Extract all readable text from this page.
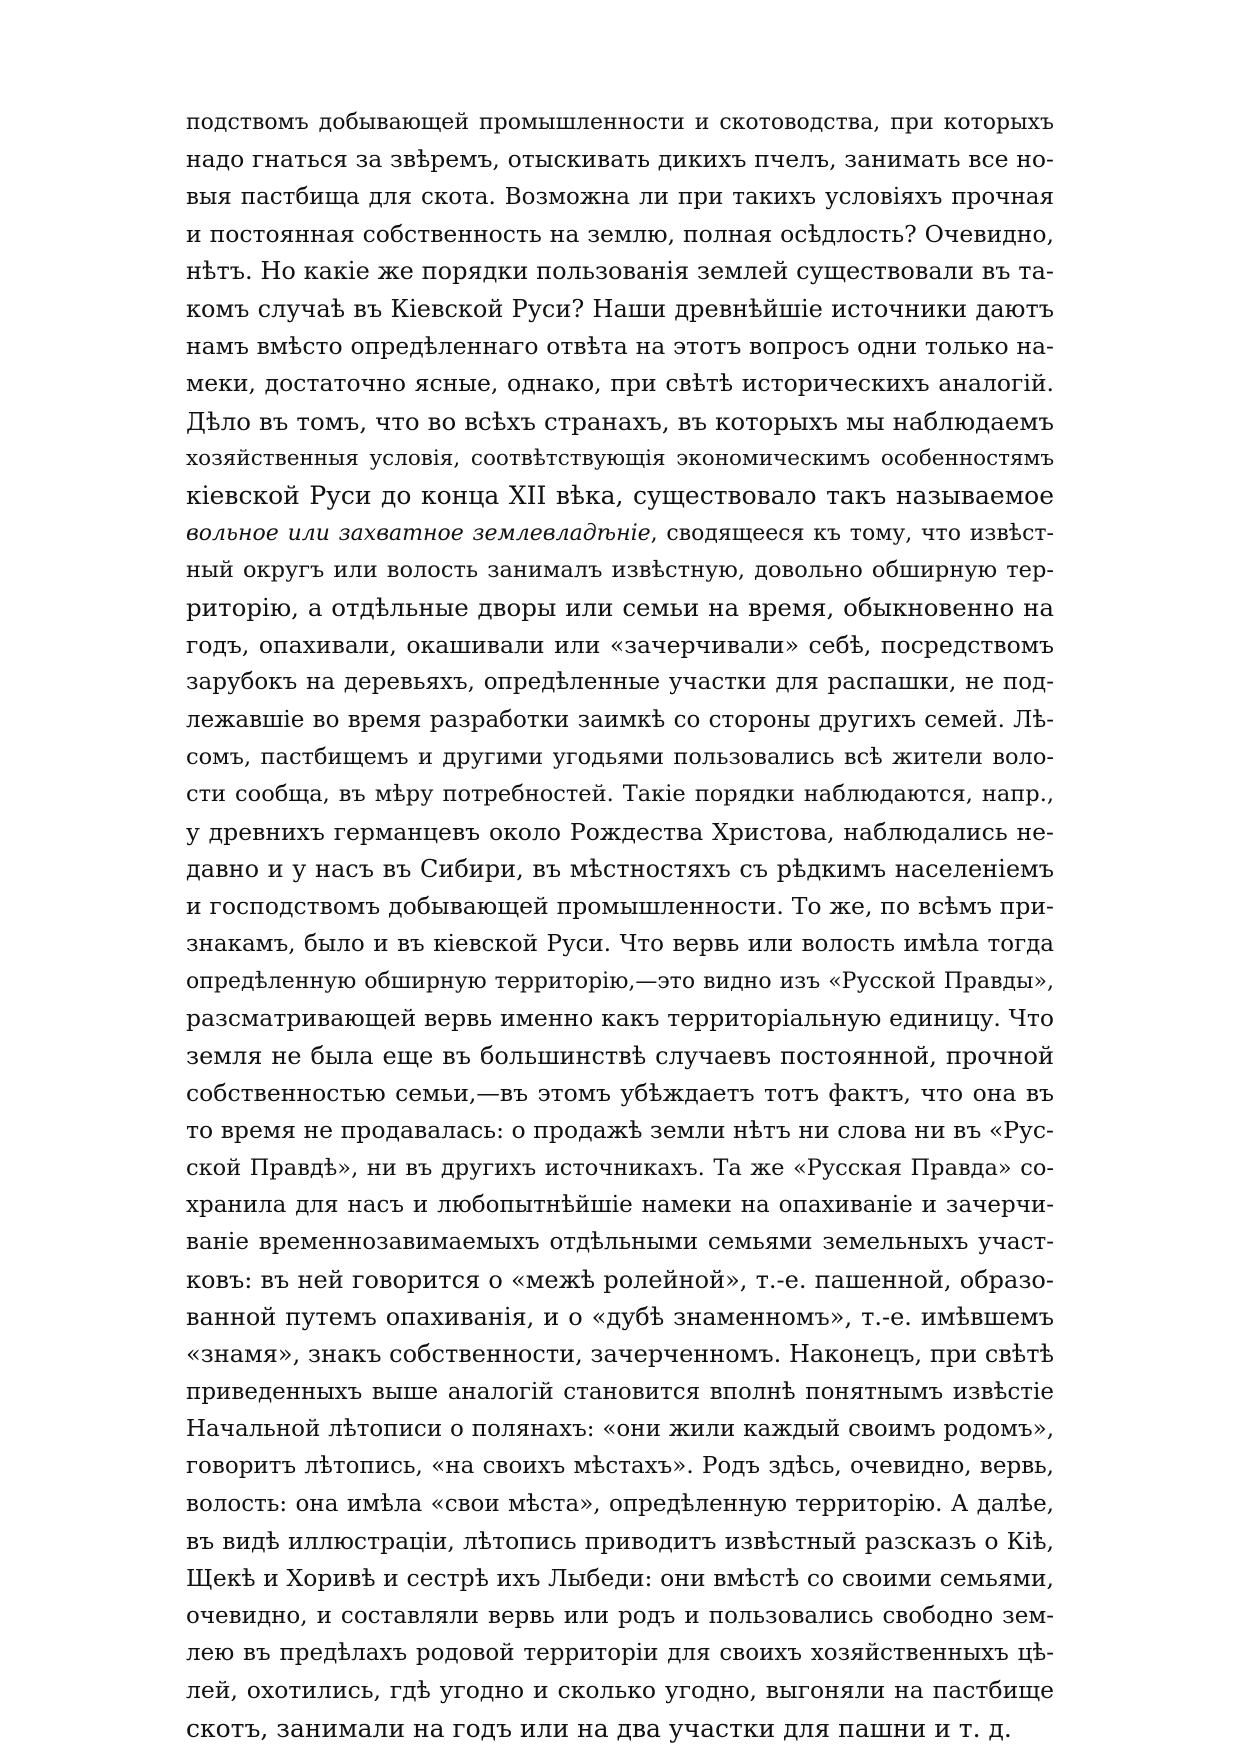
подствомъ добывающей промышленности и скотоводства, при которыхъ
надо гнаться за звѣремъ, отыскивать дикихъ пчелъ, занимать все но-
выя пастбища для скота. Возможна ли при такихъ условіяхъ прочная
и постоянная собственность на землю, полная осѣдлость? Очевидно,
нѣтъ. Но какіе же порядки пользованія землей существовали въ та-
комъ случаѣ въ Кіевской Руси? Наши древнѣйшіе источники даютъ
намъ вмѣсто опредѣленнаго отвѣта на этотъ вопросъ одни только на-
меки, достаточно ясные, однако, при свѣтѣ историческихъ аналогій.
Дѣло въ томъ, что во всѣхъ странахъ, въ которыхъ мы наблюдаемъ
хозяйственныя условія, соотвѣтствующія экономическимъ особенностямъ
кіевской Руси до конца XII вѣка, существовало такъ называемое
вольное или захватное землевладѣніе, сводящееся къ тому, что извѣст-
ный округъ или волость занималъ извѣстную, довольно обширную тер-
риторію, а отдѣльные дворы или семьи на время, обыкновенно на
годъ, опахивали, окашивали или «зачерчивали» себѣ, посредствомъ
зарубокъ на деревьяхъ, опредѣленные участки для распашки, не под-
лежавшіе во время разработки заимкѣ со стороны другихъ семей. Лѣ-
сомъ, пастбищемъ и другими угодьями пользовались всѣ жители воло-
сти сообща, въ мѣру потребностей. Такіе порядки наблюдаются, напр.,
у древнихъ германцевъ около Рождества Христова, наблюдались не-
давно и у насъ въ Сибири, въ мѣстностяхъ съ рѣдкимъ населеніемъ
и господствомъ добывающей промышленности. То же, по всѣмъ при-
знакамъ, было и въ кіевской Руси. Что вервь или волость имѣла тогда
опредѣленную обширную территорію,—это видно изъ «Русской Правды»,
разсматривающей вервь именно какъ территоріальную единицу. Что
земля не была еще въ большинствѣ случаевъ постоянной, прочной
собственностью семьи,—въ этомъ убѣждаетъ тотъ фактъ, что она въ
то время не продавалась: о продажѣ земли нѣтъ ни слова ни въ «Рус-
ской Правдѣ», ни въ другихъ источникахъ. Та же «Русская Правда» со-
хранила для насъ и любопытнѣйшіе намеки на опахиваніе и зачерчи-
ваніе временнозавимаемыхъ отдѣльными семьями земельныхъ участ-
ковъ: въ ней говорится о «межѣ ролейной», т.-е. пашенной, образо-
ванной путемъ опахиванія, и о «дубѣ знаменномъ», т.-е. имѣвшемъ
«знамя», знакъ собственности, зачерченномъ. Наконецъ, при свѣтѣ
приведенныхъ выше аналогій становится вполнѣ понятнымъ извѣстіе
Начальной лѣтописи о полянахъ: «они жили каждый своимъ родомъ»,
говоритъ лѣтопись, «на своихъ мѣстахъ». Родъ здѣсь, очевидно, вервь,
волость: она имѣла «свои мѣста», опредѣленную территорію. А далѣе,
въ видѣ иллюстраціи, лѣтопись приводитъ извѣстный разсказъ о Кіѣ,
Щекѣ и Хоривѣ и сестрѣ ихъ Лыбеди: они вмѣстѣ со своими семьями,
очевидно, и составляли вервь или родъ и пользовались свободно зем-
лею въ предѣлахъ родовой территоріи для своихъ хозяйственныхъ цѣ-
лей, охотились, гдѣ угодно и сколько угодно, выгоняли на пастбище
скотъ, занимали на годъ или на два участки для пашни и т. д.
